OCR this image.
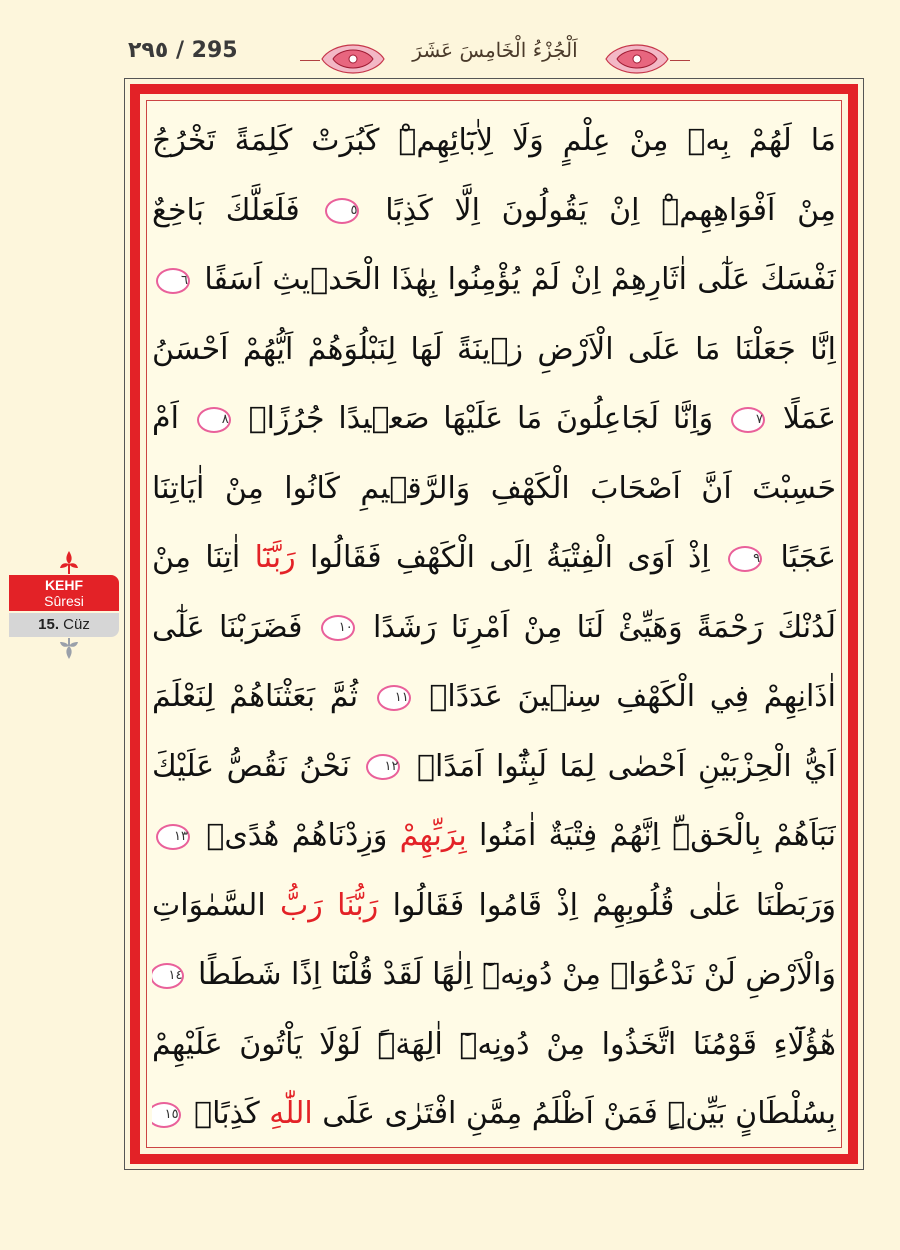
٢٩٥ / 295	اَلْجُزْءُ الْخَامِسَ عَشَرَ
مَا لَهُمْ بِه۪ مِنْ عِلْمٍ وَلَا لِاٰبَٓائِهِمْۜ كَبُرَتْ كَلِمَةً تَخْرُجُ
مِنْ اَفْوَاهِهِمْۜ اِنْ يَقُولُونَ اِلَّا كَذِبًا ٥ فَلَعَلَّكَ بَاخِعٌ
نَفْسَكَ عَلٰٓى اٰثَارِهِمْ اِنْ لَمْ يُؤْمِنُوا بِهٰذَا الْحَد۪يثِ اَسَفًا ٦
اِنَّا جَعَلْنَا مَا عَلَى الْاَرْضِ ز۪ينَةً لَهَا لِنَبْلُوَهُمْ اَيُّهُمْ اَحْسَنُ
عَمَلًا ٧ وَاِنَّا لَجَاعِلُونَ مَا عَلَيْهَا صَع۪يدًا جُرُزًاۜ ٨ اَمْ
حَسِبْتَ اَنَّ اَصْحَابَ الْكَهْفِ وَالرَّق۪يمِ كَانُوا مِنْ اٰيَاتِنَا
عَجَبًا ٩ اِذْ اَوَى الْفِتْيَةُ اِلَى الْكَهْفِ فَقَالُوا رَبَّنَٓا اٰتِنَا مِنْ
لَدُنْكَ رَحْمَةً وَهَيِّئْ لَنَا مِنْ اَمْرِنَا رَشَدًا ١٠ فَضَرَبْنَا عَلٰٓى
اٰذَانِهِمْ فِي الْكَهْفِ سِن۪ينَ عَدَدًاۙ ١١ ثُمَّ بَعَثْنَاهُمْ لِنَعْلَمَ
اَيُّ الْحِزْبَيْنِ اَحْصٰى لِمَا لَبِثُٓوا اَمَدًا۟ ١٢ نَحْنُ نَقُصُّ عَلَيْكَ
نَبَاَهُمْ بِالْحَقِّۜ اِنَّهُمْ فِتْيَةٌ اٰمَنُوا بِرَبِّهِمْ وَزِدْنَاهُمْ هُدًىۗ ١٣
وَرَبَطْنَا عَلٰى قُلُوبِهِمْ اِذْ قَامُوا فَقَالُوا رَبُّنَا رَبُّ السَّمٰوَاتِ
وَالْاَرْضِ لَنْ نَدْعُوَا۟ مِنْ دُونِه۪ٓ اِلٰهًا لَقَدْ قُلْنَٓا اِذًا شَطَطًا ١٤
هٰٓؤُلَٓاءِ قَوْمُنَا اتَّخَذُوا مِنْ دُونِه۪ٓ اٰلِهَةًۜ لَوْلَا يَاْتُونَ عَلَيْهِمْ
بِسُلْطَانٍ بَيِّنٍۜ فَمَنْ اَظْلَمُ مِمَّنِ افْتَرٰى عَلَى اللّٰهِ كَذِبًاۜ ١٥
KEHF
Sûresi
15. Cüz
